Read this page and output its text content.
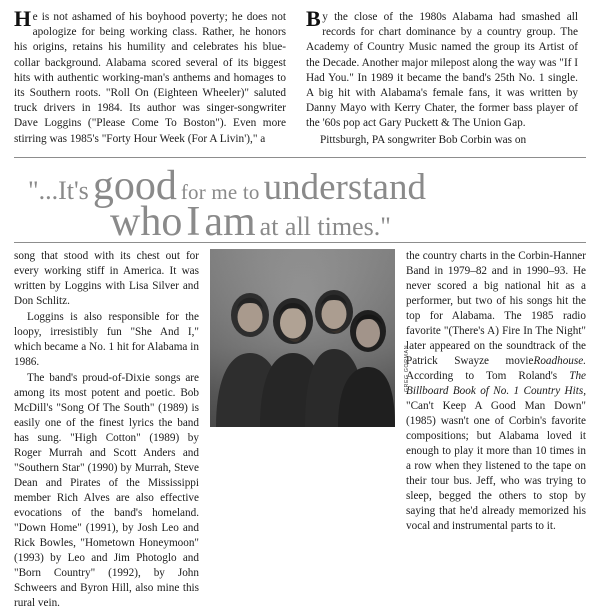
He is not ashamed of his boyhood poverty; he does not apologize for being working class. Rather, he honors his origins, retains his humility and celebrates his blue-collar background. Alabama scored several of its biggest hits with authentic working-man's anthems and homages to its Southern roots. "Roll On (Eighteen Wheeler)" saluted truck drivers in 1984. Its author was singer-songwriter Dave Loggins ("Please Come To Boston"). Even more stirring was 1985's "Forty Hour Week (For A Livin')," a

By the close of the 1980s Alabama had smashed all records for chart dominance by a country group. The Academy of Country Music named the group its Artist of the Decade. Another major milepost along the way was "If I Had You." In 1989 it became the band's 25th No. 1 single. A big hit with Alabama's female fans, it was written by Danny Mayo with Kerry Chater, the former bass player of the '60s pop act Gary Puckett & The Union Gap.

Pittsburgh, PA songwriter Bob Corbin was on

"...It's good for me to understand
who I am at all times."

song that stood with its chest out for every working stiff in America. It was written by Loggins with Lisa Silver and Don Schlitz.

Loggins is also responsible for the loopy, irresistibly fun "She And I," which became a No. 1 hit for Alabama in 1986.

The band's proud-of-Dixie songs are among its most potent and poetic. Bob McDill's "Song Of The South" (1989) is easily one of the finest lyrics the band has sung. "High Cotton" (1989) by Roger Murrah and Scott Anders and "Southern Star" (1990) by Murrah, Steve Dean and Pirates of the Mississippi member Rich Alves are also effective evocations of the band's homeland. "Down Home" (1991), by Josh Leo and Rick Bowles, "Hometown Honeymoon" (1993) by Leo and Jim Photoglo and "Born Country" (1992), by John Schweers and Byron Hill, also mine this rural vein.

GREG GORMAN

the country charts in the Corbin-Hanner Band in 1979–82 and in 1990–93. He never scored a big national hit as a performer, but two of his songs hit the top for Alabama. The 1985 radio favorite "(There's A) Fire In The Night" later appeared on the soundtrack of the Patrick Swayze movieRoadhouse. According to Tom Roland's The Billboard Book of No. 1 Country Hits, "Can't Keep A Good Man Down" (1985) wasn't one of Corbin's favorite compositions; but Alabama loved it enough to play it more than 10 times in a row when they listened to the tape on their tour bus. Jeff, who was trying to sleep, begged the others to stop by saying that he'd already memorized his vocal and instrumental parts to it.
